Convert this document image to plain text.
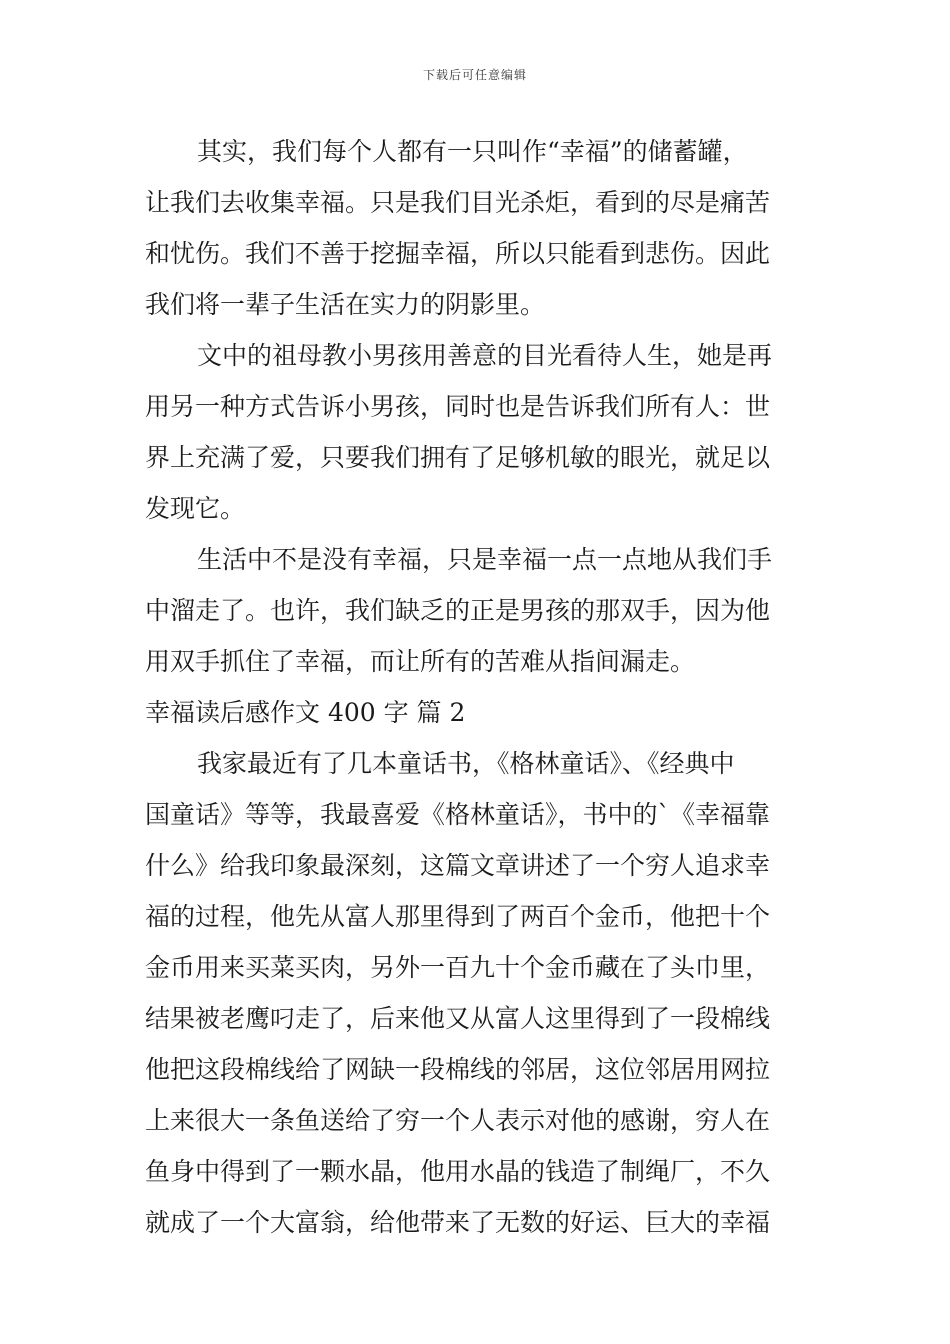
下载后可任意编辑
其实，我们每个人都有一只叫作“幸福”的储蓄罐，
让我们去收集幸福。只是我们目光杀炬，看到的尽是痛苦
和忧伤。我们不善于挖掘幸福，所以只能看到悲伤。因此
我们将一辈子生活在实力的阴影里。
文中的祖母教小男孩用善意的目光看待人生，她是再
用另一种方式告诉小男孩，同时也是告诉我们所有人：世
界上充满了爱，只要我们拥有了足够机敏的眼光，就足以
发现它。
生活中不是没有幸福，只是幸福一点一点地从我们手
中溜走了。也许，我们缺乏的正是男孩的那双手，因为他
用双手抓住了幸福，而让所有的苦难从指间漏走。
幸福读后感作文 400 字 篇 2
我家最近有了几本童话书，《格林童话》、《经典中
国童话》等等，我最喜爱《格林童话》，书中的`《幸福靠
什么》给我印象最深刻，这篇文章讲述了一个穷人追求幸
福的过程，他先从富人那里得到了两百个金币，他把十个
金币用来买菜买肉，另外一百九十个金币藏在了头巾里，
结果被老鹰叼走了，后来他又从富人这里得到了一段棉线
他把这段棉线给了网缺一段棉线的邻居，这位邻居用网拉
上来很大一条鱼送给了穷一个人表示对他的感谢，穷人在
鱼身中得到了一颗水晶，他用水晶的钱造了制绳厂，不久
就成了一个大富翁，给他带来了无数的好运、巨大的幸福
